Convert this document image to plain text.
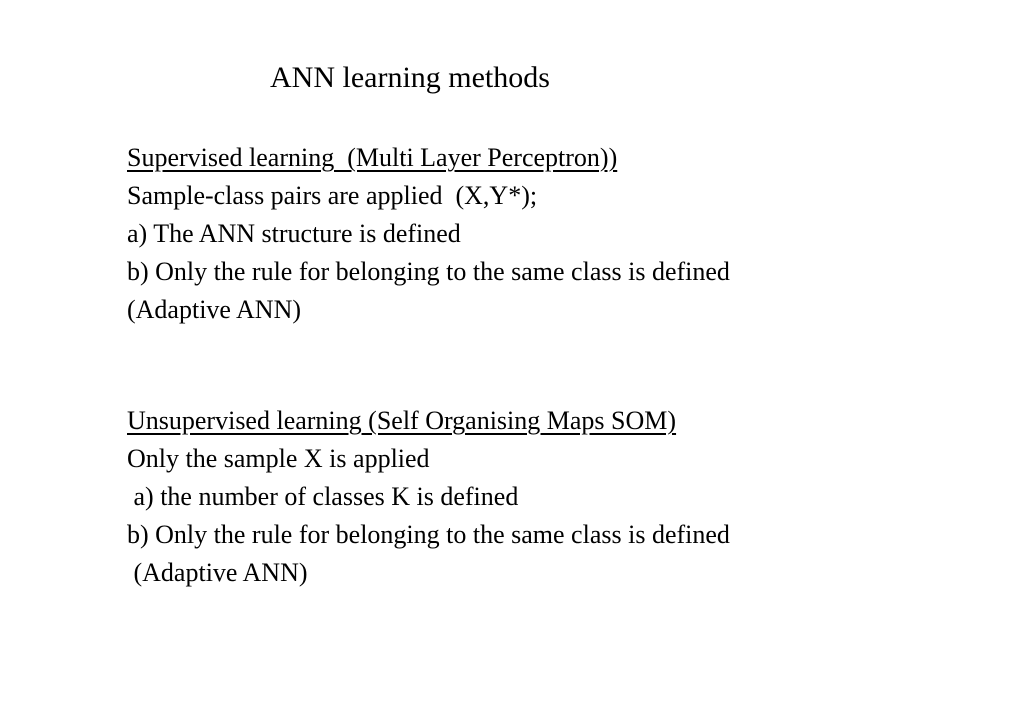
ANN learning methods
Supervised learning  (Multi Layer Perceptron))
Sample-class pairs are applied  (X,Y*);
a) The ANN structure is defined
b) Only the rule for belonging to the same class is defined
(Adaptive ANN)
Unsupervised learning (Self Organising Maps SOM)
Only the sample X is applied
a) the number of classes K is defined
b) Only the rule for belonging to the same class is defined
(Adaptive ANN)
